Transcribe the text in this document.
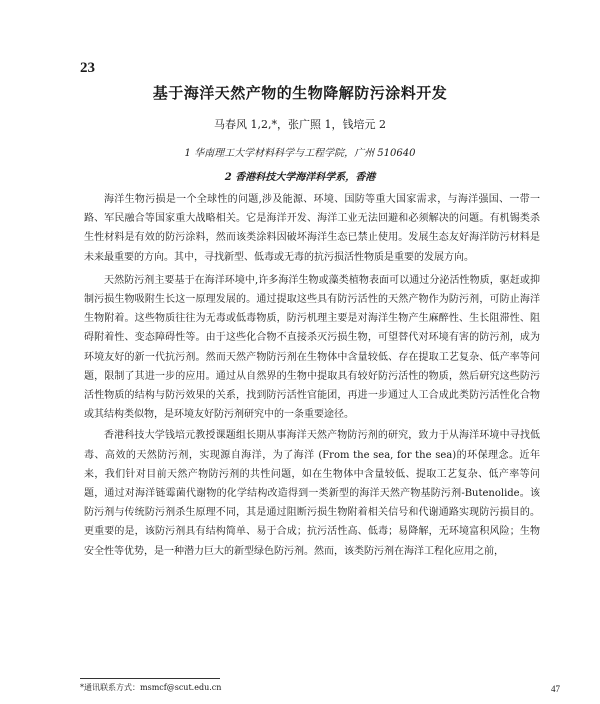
23
基于海洋天然产物的生物降解防污涂料开发
马春风 1,2,*，张广照 1，钱培元 2
1 华南理工大学材料科学与工程学院，广州 510640
2 香港科技大学海洋科学系，香港

海洋生物污损是一个全球性的问题,涉及能源、环境、国防等重大国家需求，与海洋强国、一带一路、军民融合等国家重大战略相关。它是海洋开发、海洋工业无法回避和必须解决的问题。有机锡类杀生性材料是有效的防污涂料，然而该类涂料因破坏海洋生态已禁止使用。发展生态友好海洋防污材料是未来最重要的方向。其中，寻找新型、低毒或无毒的抗污损活性物质是重要的发展方向。

天然防污剂主要基于在海洋环境中,许多海洋生物或藻类植物表面可以通过分泌活性物质，驱赶或抑制污损生物吸附生长这一原理发展的。通过提取这些具有防污活性的天然产物作为防污剂，可防止海洋生物附着。这些物质往往为无毒或低毒物质，防污机理主要是对海洋生物产生麻醉性、生长阻滞性、阻碍附着性、变态障碍性等。由于这些化合物不直接杀灭污损生物，可望替代对环境有害的防污剂，成为环境友好的新一代抗污剂。然而天然产物防污剂在生物体中含量较低、存在提取工艺复杂、低产率等问题，限制了其进一步的应用。通过从自然界的生物中提取具有较好防污活性的物质，然后研究这些防污活性物质的结构与防污效果的关系，找到防污活性官能团，再进一步通过人工合成此类防污活性化合物或其结构类似物，是环境友好防污剂研究中的一条重要途径。

香港科技大学钱培元教授课题组长期从事海洋天然产物防污剂的研究，致力于从海洋环境中寻找低毒、高效的天然防污剂，实现源自海洋，为了海洋 (From the sea, for the sea)的环保理念。近年来，我们针对目前天然产物防污剂的共性问题，如在生物体中含量较低、提取工艺复杂、低产率等问题，通过对海洋链霉菌代谢物的化学结构改造得到一类新型的海洋天然产物基防污剂-Butenolide。该防污剂与传统防污剂杀生原理不同，其是通过阻断污损生物附着相关信号和代谢通路实现防污损目的。更重要的是，该防污剂具有结构简单、易于合成；抗污活性高、低毒；易降解，无环境富积风险；生物安全性等优势，是一种潜力巨大的新型绿色防污剂。然而，该类防污剂在海洋工程化应用之前，

*通讯联系方式：msmcf@scut.edu.cn	47
